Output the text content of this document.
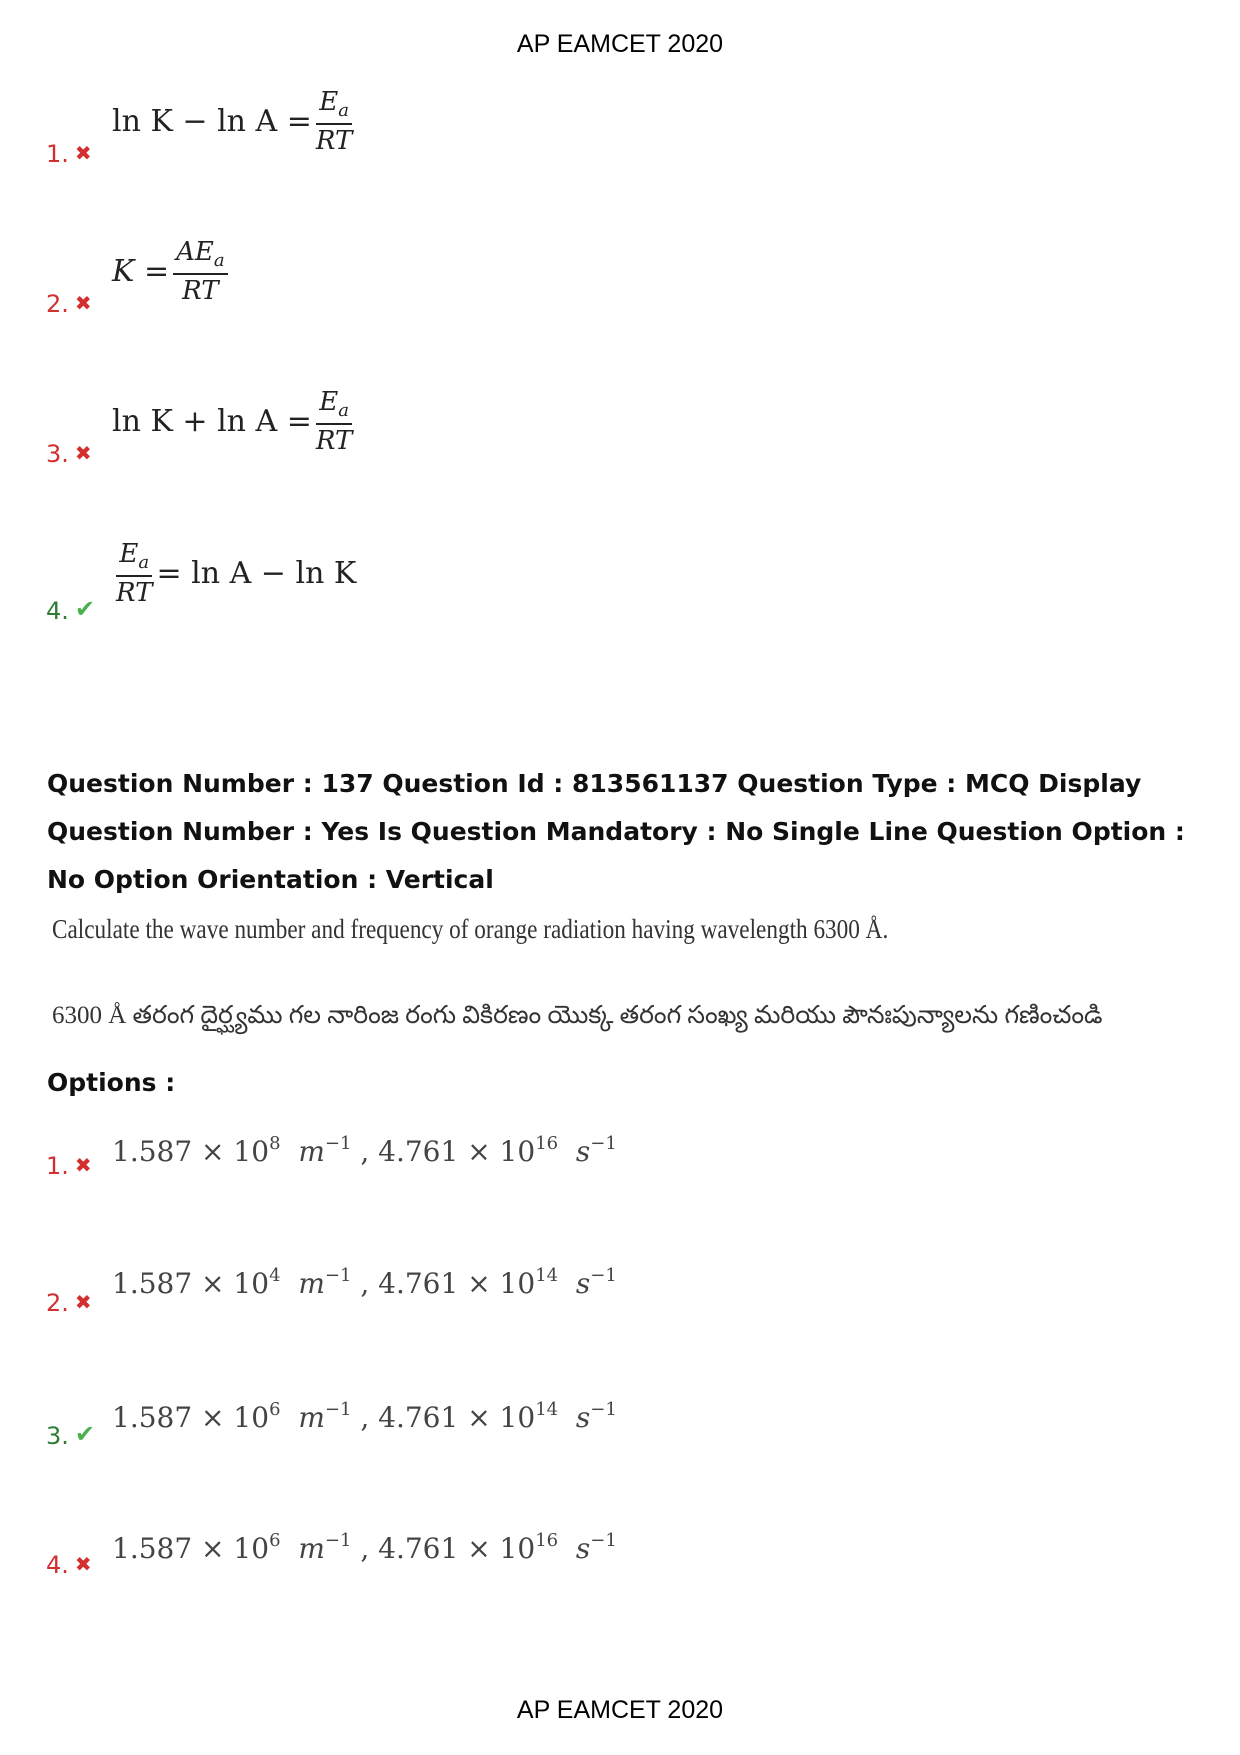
AP EAMCET 2020
$\ln K - \ln A = \frac{E_a}{RT}$
1. ✖
$K = \frac{AE_a}{RT}$
2. ✖
$\ln K + \ln A = \frac{E_a}{RT}$
3. ✖
$\frac{E_a}{RT} = \ln A - \ln K$
4. ✔
Question Number : 137 Question Id : 813561137 Question Type : MCQ Display Question Number : Yes Is Question Mandatory : No Single Line Question Option : No Option Orientation : Vertical
Calculate the wave number and frequency of orange radiation having wavelength 6300 Å.
6300 Å తరంగ దైర్ఘ్యము గల నారింజ రంగు వికిరణం యొక్క తరంగ సంఖ్య మరియు పౌనఃపున్యాలను గణించండి
Options :
$1.587 \times 10^8$ $m^{-1}$ , $4.761 \times 10^{16}$ $s^{-1}$
1. ✖
$1.587 \times 10^4$ $m^{-1}$ , $4.761 \times 10^{14}$ $s^{-1}$
2. ✖
$1.587 \times 10^6$ $m^{-1}$ , $4.761 \times 10^{14}$ $s^{-1}$
3. ✔
$1.587 \times 10^6$ $m^{-1}$ , $4.761 \times 10^{16}$ $s^{-1}$
4. ✖
AP EAMCET 2020
